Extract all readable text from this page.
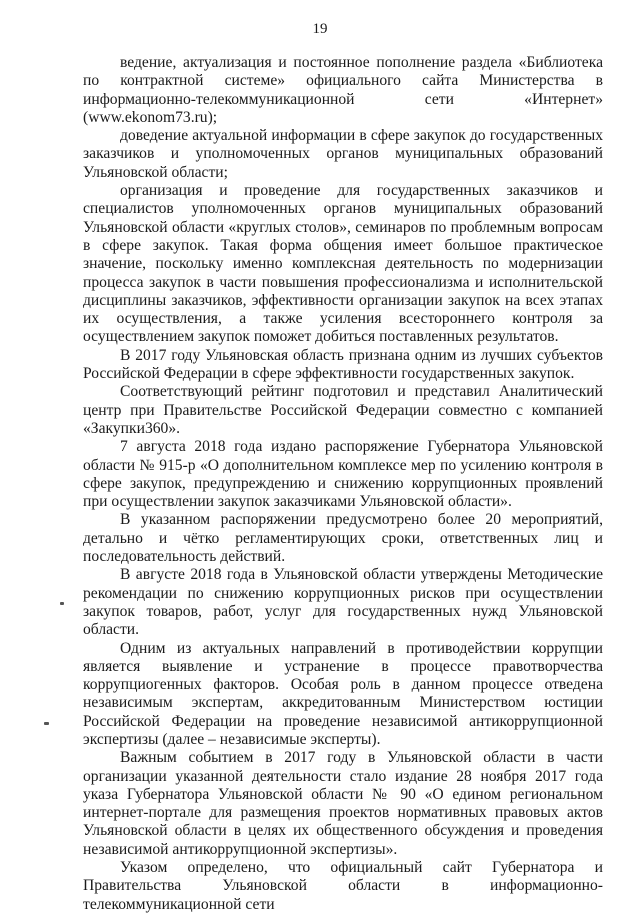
19

ведение, актуализация и постоянное пополнение раздела «Библиотека по контрактной системе» официального сайта Министерства в информационно-телекоммуникационной сети «Интернет» (www.ekonom73.ru);

доведение актуальной информации в сфере закупок до государственных заказчиков и уполномоченных органов муниципальных образований Ульяновской области;

организация и проведение для государственных заказчиков и специалистов уполномоченных органов муниципальных образований Ульяновской области «круглых столов», семинаров по проблемным вопросам в сфере закупок. Такая форма общения имеет большое практическое значение, поскольку именно комплексная деятельность по модернизации процесса закупок в части повышения профессионализма и исполнительской дисциплины заказчиков, эффективности организации закупок на всех этапах их осуществления, а также усиления всестороннего контроля за осуществлением закупок поможет добиться поставленных результатов.

В 2017 году Ульяновская область признана одним из лучших субъектов Российской Федерации в сфере эффективности государственных закупок.

Соответствующий рейтинг подготовил и представил Аналитический центр при Правительстве Российской Федерации совместно с компанией «Закупки360».

7 августа 2018 года издано распоряжение Губернатора Ульяновской области № 915-р «О дополнительном комплексе мер по усилению контроля в сфере закупок, предупреждению и снижению коррупционных проявлений при осуществлении закупок заказчиками Ульяновской области».

В указанном распоряжении предусмотрено более 20 мероприятий, детально и чётко регламентирующих сроки, ответственных лиц и последовательность действий.

В августе 2018 года в Ульяновской области утверждены Методические рекомендации по снижению коррупционных рисков при осуществлении закупок товаров, работ, услуг для государственных нужд Ульяновской области.

Одним из актуальных направлений в противодействии коррупции является выявление и устранение в процессе правотворчества коррупциогенных факторов. Особая роль в данном процессе отведена независимым экспертам, аккредитованным Министерством юстиции Российской Федерации на проведение независимой антикоррупционной экспертизы (далее – независимые эксперты).

Важным событием в 2017 году в Ульяновской области в части организации указанной деятельности стало издание 28 ноября 2017 года указа Губернатора Ульяновской области № 90 «О едином региональном интернет-портале для размещения проектов нормативных правовых актов Ульяновской области в целях их общественного обсуждения и проведения независимой антикоррупционной экспертизы».

Указом определено, что официальный сайт Губернатора и Правительства Ульяновской области в информационно-телекоммуникационной сети
